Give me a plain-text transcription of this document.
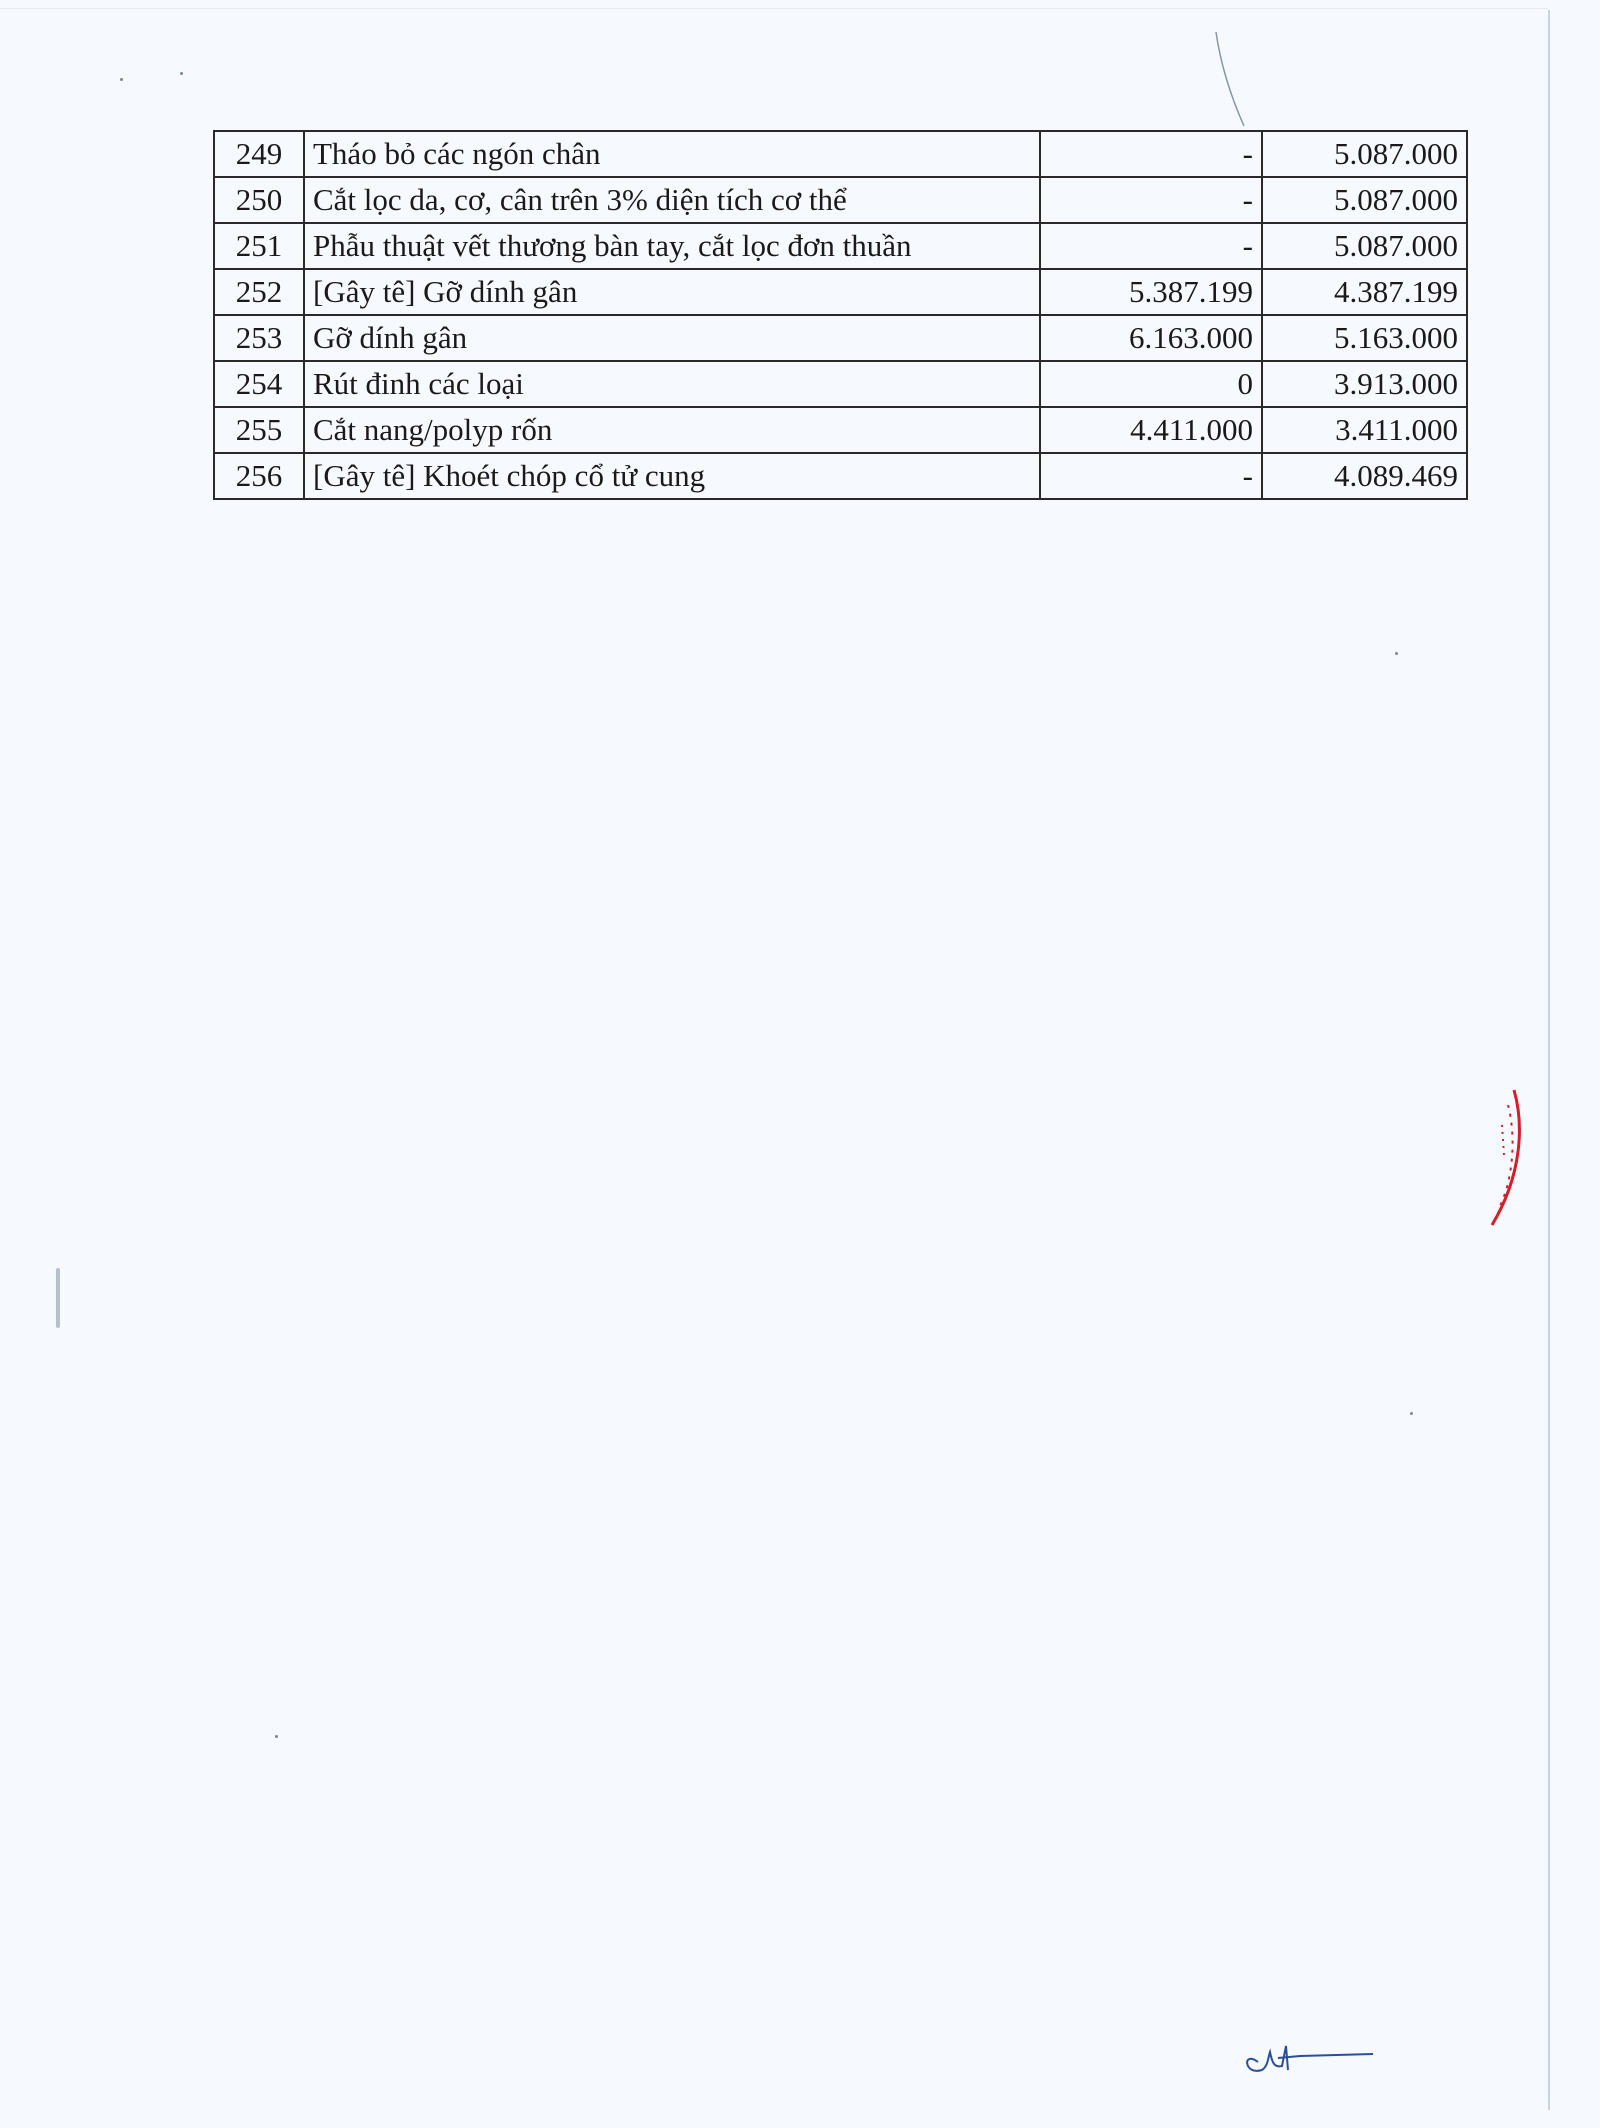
249	Tháo bỏ các ngón chân	-	5.087.000
250	Cắt lọc da, cơ, cân trên 3% diện tích cơ thể	-	5.087.000
251	Phẫu thuật vết thương bàn tay, cắt lọc đơn thuần	-	5.087.000
252	[Gây tê] Gỡ dính gân	5.387.199	4.387.199
253	Gỡ dính gân	6.163.000	5.163.000
254	Rút đinh các loại	0	3.913.000
255	Cắt nang/polyp rốn	4.411.000	3.411.000
256	[Gây tê] Khoét chóp cổ tử cung	-	4.089.469
